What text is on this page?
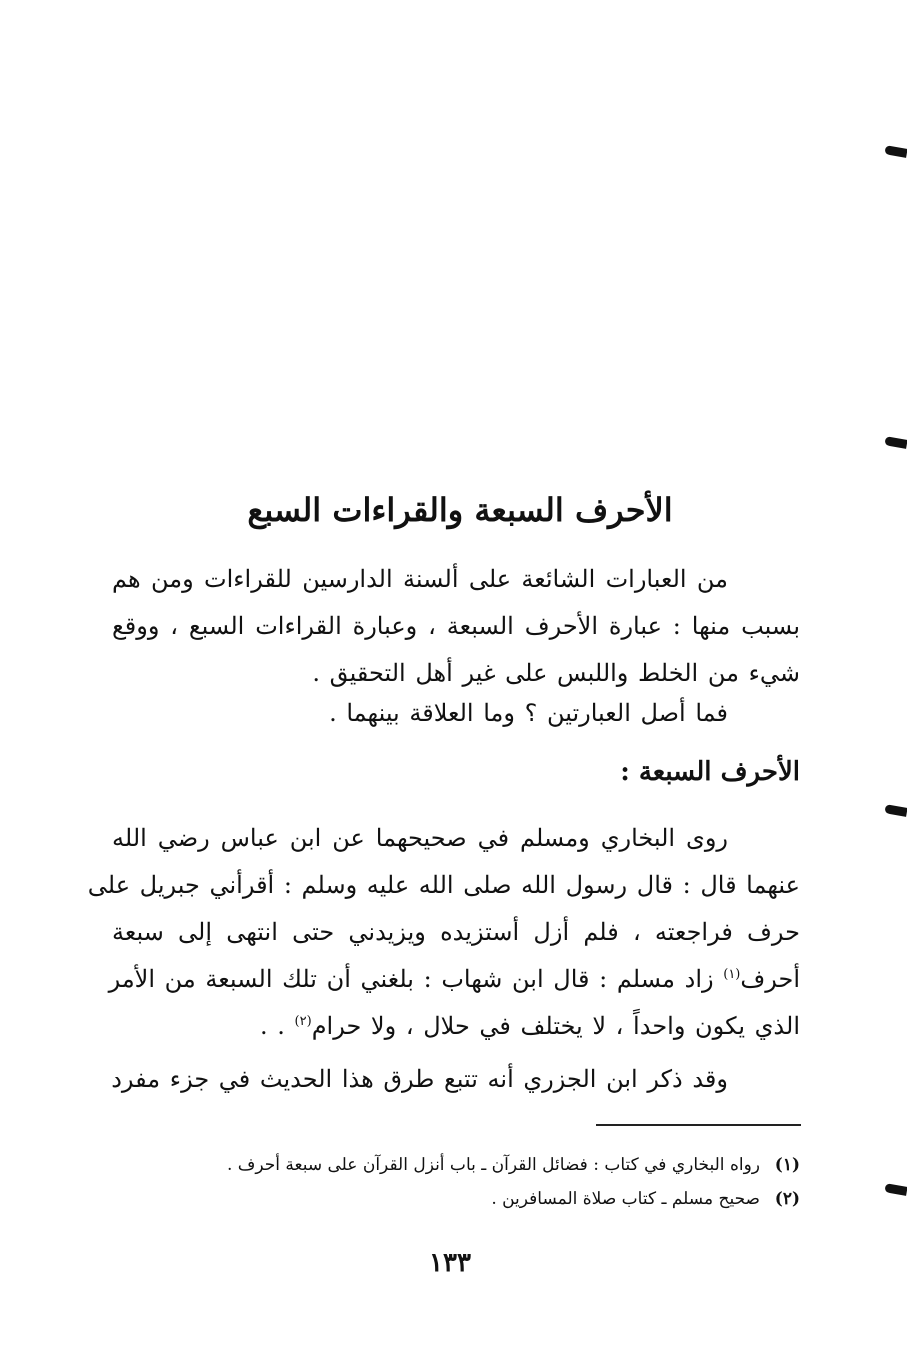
الأحرف السبعة والقراءات السبع
من العبارات الشائعة على ألسنة الدارسين للقراءات ومن هم
بسبب منها : عبارة الأحرف السبعة ، وعبارة القراءات السبع ، ووقع
شيء من الخلط واللبس على غير أهل التحقيق .
فما أصل العبارتين ؟ وما العلاقة بينهما .
الأحرف السبعة :
روى البخاري ومسلم في صحيحهما عن ابن عباس رضي الله
عنهما قال : قال رسول الله صلى الله عليه وسلم : أقرأني جبريل على
حرف فراجعته ، فلم أزل أستزيده ويزيدني حتى انتهى إلى سبعة
أحرف$^{(١)}$ زاد مسلم : قال ابن شهاب : بلغني أن تلك السبعة من الأمر
الذي يكون واحداً ، لا يختلف في حلال ، ولا حرام$^{(٢)}$ . .
وقد ذكر ابن الجزري أنه تتبع طرق هذا الحديث في جزء مفرد
(١)رواه البخاري في كتاب : فضائل القرآن ـ باب أنزل القرآن على سبعة أحرف .
(٢)صحيح مسلم ـ كتاب صلاة المسافرين .
١٣٣
